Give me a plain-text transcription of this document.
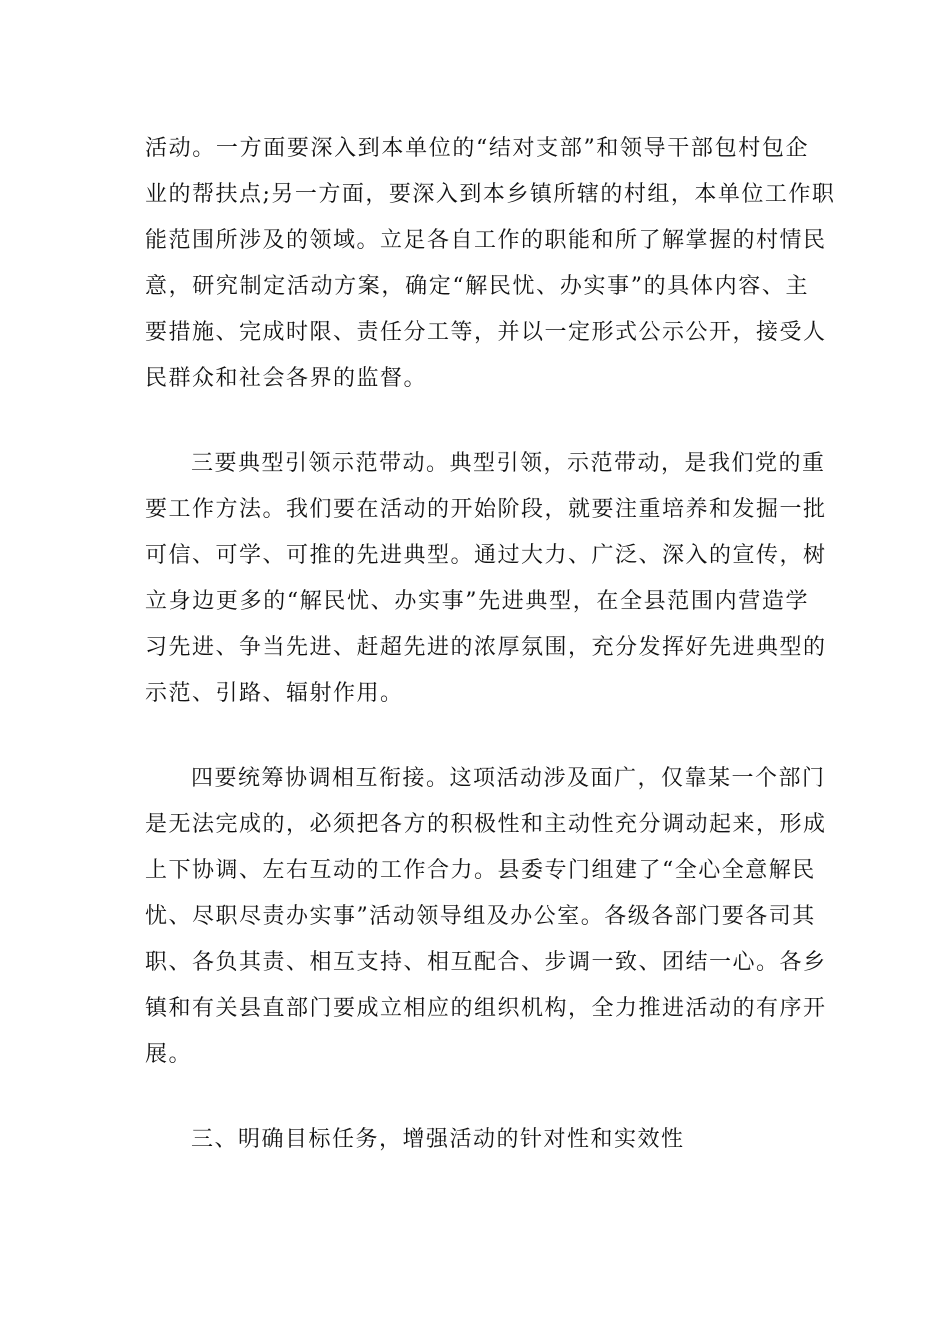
活动。一方面要深入到本单位的“结对支部”和领导干部包村包企
业的帮扶点;另一方面，要深入到本乡镇所辖的村组，本单位工作职
能范围所涉及的领域。立足各自工作的职能和所了解掌握的村情民
意，研究制定活动方案，确定“解民忧、办实事”的具体内容、主
要措施、完成时限、责任分工等，并以一定形式公示公开，接受人
民群众和社会各界的监督。

三要典型引领示范带动。典型引领，示范带动，是我们党的重
要工作方法。我们要在活动的开始阶段，就要注重培养和发掘一批
可信、可学、可推的先进典型。通过大力、广泛、深入的宣传，树
立身边更多的“解民忧、办实事”先进典型，在全县范围内营造学
习先进、争当先进、赶超先进的浓厚氛围，充分发挥好先进典型的
示范、引路、辐射作用。

四要统筹协调相互衔接。这项活动涉及面广，仅靠某一个部门
是无法完成的，必须把各方的积极性和主动性充分调动起来，形成
上下协调、左右互动的工作合力。县委专门组建了“全心全意解民
忧、尽职尽责办实事”活动领导组及办公室。各级各部门要各司其
职、各负其责、相互支持、相互配合、步调一致、团结一心。各乡
镇和有关县直部门要成立相应的组织机构，全力推进活动的有序开
展。

三、明确目标任务，增强活动的针对性和实效性
